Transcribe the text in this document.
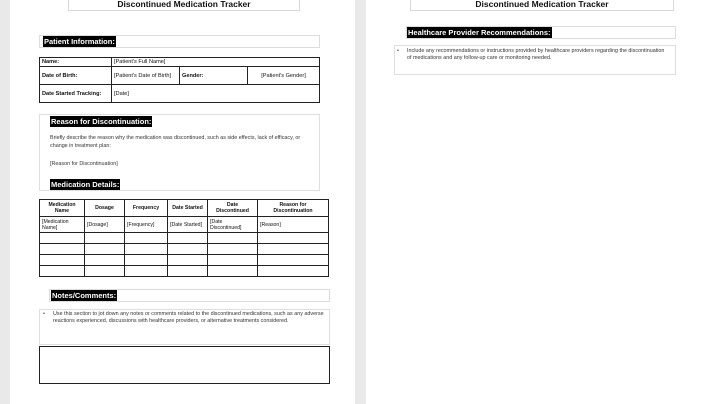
Discontinued Medication Tracker
Patient Information:
Name:	[Patient's Full Name]		
Date of Birth:	[Patient's Date of Birth]	Gender:	[Patient's Gender]
Date Started Tracking:	[Date]		
Reason for Discontinuation:
Briefly describe the reason why the medication was discontinued, such as side effects, lack of efficacy, or change in treatment plan:
[Reason for Discontinuation]
Medication Details:
Medication Name	Dosage	Frequency	Date Started	Date Discontinued	Reason for Discontinuation
[Medication Name]	[Dosage]	[Frequency]	[Date Started]	[Date Discontinued]	[Reason]

Notes/Comments:
• Use this section to jot down any notes or comments related to the discontinued medications, such as any adverse reactions experienced, discussions with healthcare providers, or alternative treatments considered.
Discontinued Medication Tracker
Healthcare Provider Recommendations:
• Include any recommendations or instructions provided by healthcare providers regarding the discontinuation of medications and any follow-up care or monitoring needed.
